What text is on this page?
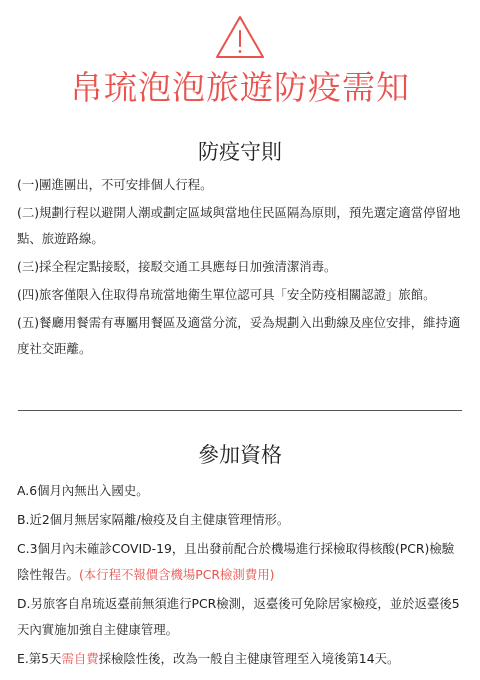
帛琉泡泡旅遊防疫需知
防疫守則
(一)團進團出，不可安排個人行程。
(二)規劃行程以避開人潮或劃定區域與當地住民區隔為原則，預先選定適當停留地點、旅遊路線。
(三)採全程定點接駁，接駁交通工具應每日加強清潔消毒。
(四)旅客僅限入住取得帛琉當地衛生單位認可具「安全防疫相關認證」旅館。
(五)餐廳用餐需有專屬用餐區及適當分流，妥為規劃入出動線及座位安排，維持適度社交距離。
參加資格
A.6個月內無出入國史。
B.近2個月無居家隔離/檢疫及自主健康管理情形。
C.3個月內未確診COVID-19，且出發前配合於機場進行採檢取得核酸(PCR)檢驗陰性報告。(本行程不報價含機場PCR檢測費用)
D.另旅客自帛琉返臺前無須進行PCR檢測，返臺後可免除居家檢疫，並於返臺後5天內實施加強自主健康管理。
E.第5天需自費採檢陰性後，改為一般自主健康管理至入境後第14天。
